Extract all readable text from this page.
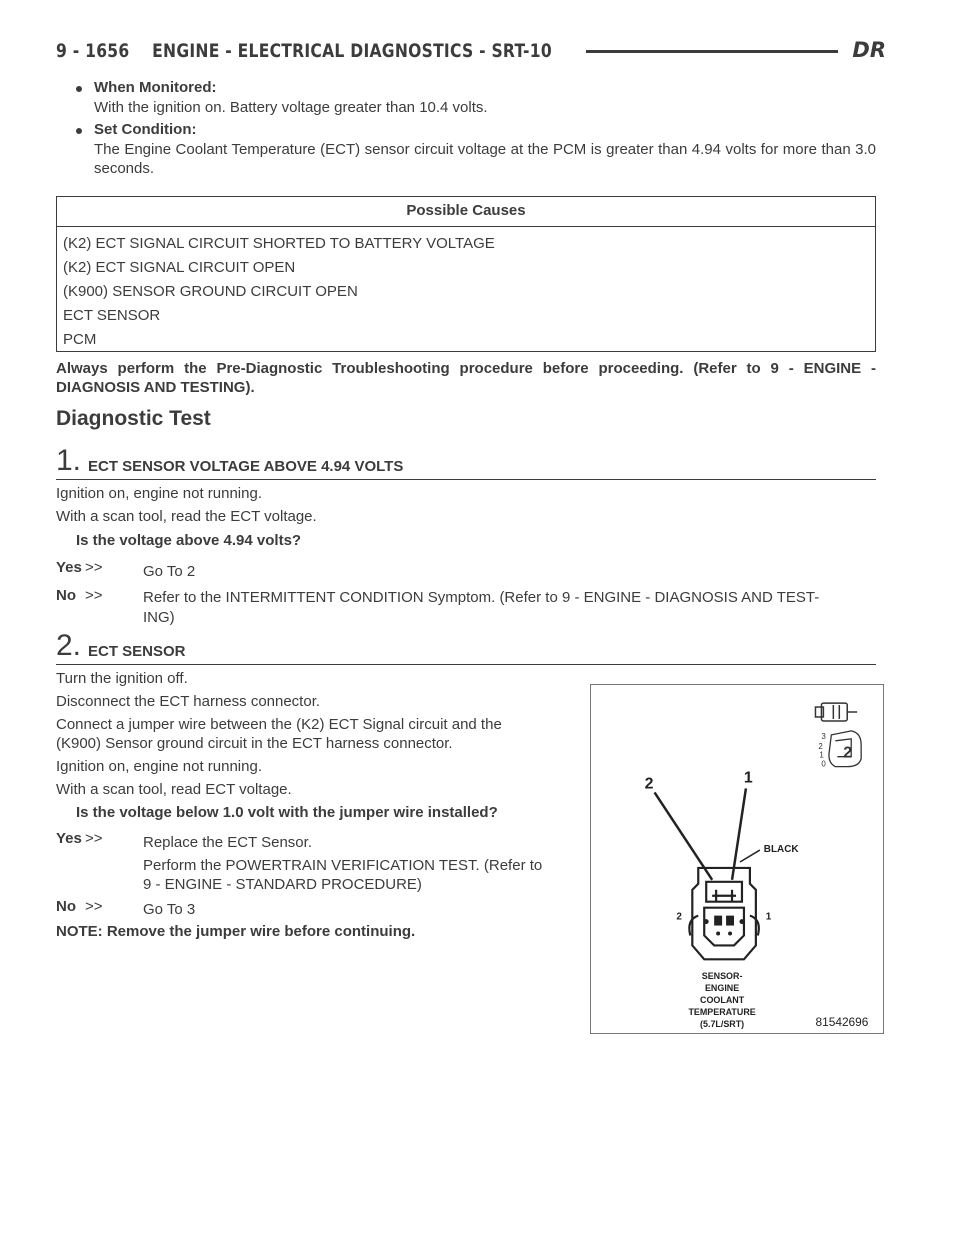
9 - 1656    ENGINE - ELECTRICAL DIAGNOSTICS - SRT-10	DR
When Monitored:
With the ignition on. Battery voltage greater than 10.4 volts.
Set Condition:
The Engine Coolant Temperature (ECT) sensor circuit voltage at the PCM is greater than 4.94 volts for more than 3.0 seconds.
Possible Causes
(K2) ECT SIGNAL CIRCUIT SHORTED TO BATTERY VOLTAGE
(K2) ECT SIGNAL CIRCUIT OPEN
(K900) SENSOR GROUND CIRCUIT OPEN
ECT SENSOR
PCM
Always perform the Pre-Diagnostic Troubleshooting procedure before proceeding. (Refer to 9 - ENGINE - DIAGNOSIS AND TESTING).
Diagnostic Test
1. ECT SENSOR VOLTAGE ABOVE 4.94 VOLTS
Ignition on, engine not running.
With a scan tool, read the ECT voltage.
Is the voltage above 4.94 volts?
Yes >>	Go To 2
No >>	Refer to the INTERMITTENT CONDITION Symptom. (Refer to 9 - ENGINE - DIAGNOSIS AND TEST-
ING)
2. ECT SENSOR
Turn the ignition off.
Disconnect the ECT harness connector.
Connect a jumper wire between the (K2) ECT Signal circuit and the
(K900) Sensor ground circuit in the ECT harness connector.
Ignition on, engine not running.
With a scan tool, read ECT voltage.
Is the voltage below 1.0 volt with the jumper wire installed?
Yes >>	Replace the ECT Sensor.
Perform the POWERTRAIN VERIFICATION TEST. (Refer to
9 - ENGINE - STANDARD PROCEDURE)
No >>	Go To 3
NOTE: Remove the jumper wire before continuing.
3
2
1
0
2
2	1
BLACK
2	1
SENSOR-
ENGINE
COOLANT
TEMPERATURE
(5.7L/SRT)	81542696
